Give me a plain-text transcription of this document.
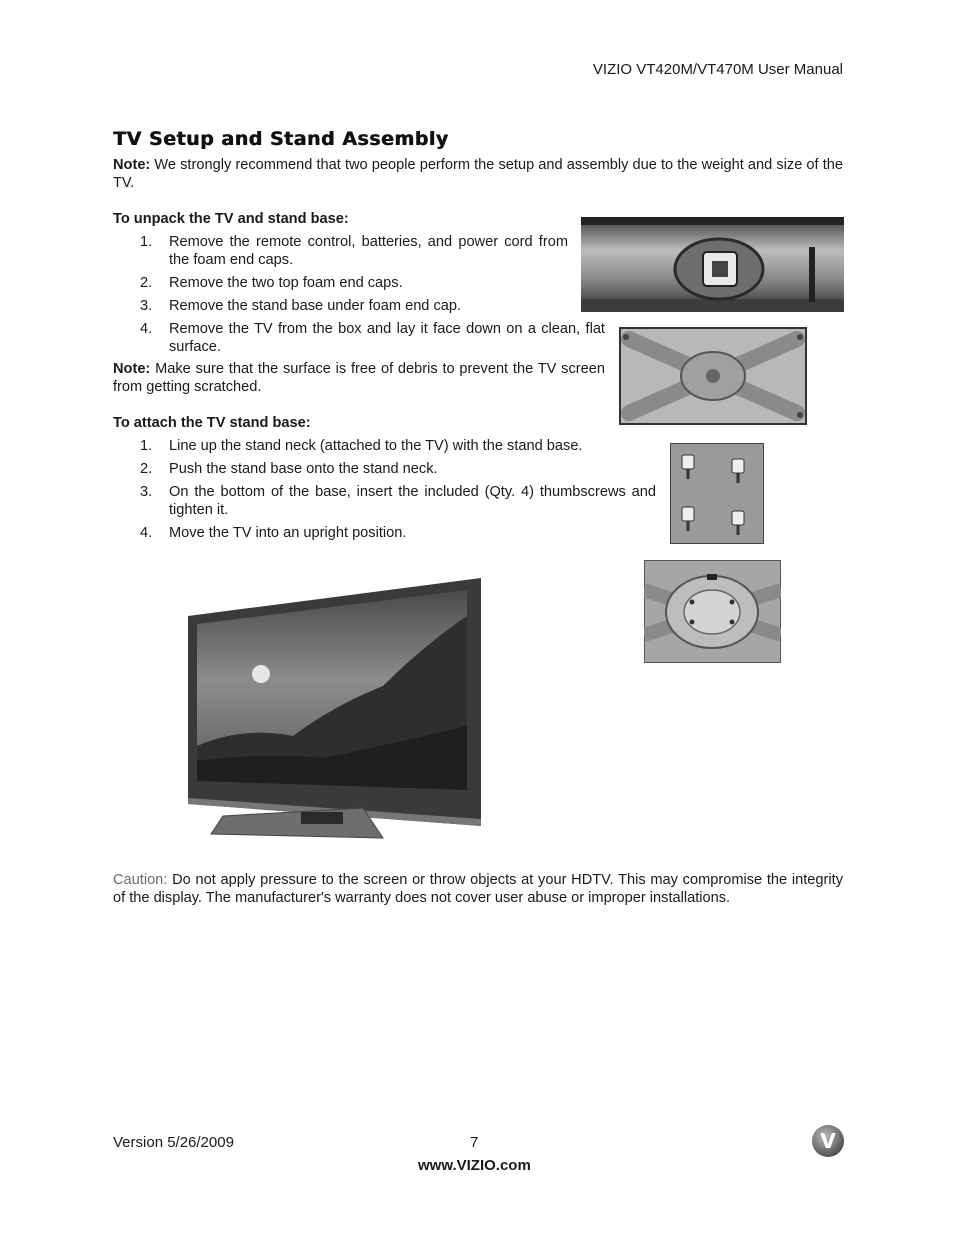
VIZIO VT420M/VT470M User Manual
TV Setup and Stand Assembly
Note: We strongly recommend that two people perform the setup and assembly due to the weight and size of the TV.
To unpack the TV and stand base:
1. Remove the remote control, batteries, and power cord from the foam end caps.
2. Remove the two top foam end caps.
3. Remove the stand base under foam end cap.
4. Remove the TV from the box and lay it face down on a clean, flat surface.
Note: Make sure that the surface is free of debris to prevent the TV screen from getting scratched.
To attach the TV stand base:
1. Line up the stand neck (attached to the TV) with the stand base.
2. Push the stand base onto the stand neck.
3. On the bottom of the base, insert the included (Qty. 4) thumbscrews and tighten it.
4. Move the TV into an upright position.
Caution: Do not apply pressure to the screen or throw objects at your HDTV. This may compromise the integrity of the display. The manufacturer's warranty does not cover user abuse or improper installations.
Version 5/26/2009	7
www.VIZIO.com
V
